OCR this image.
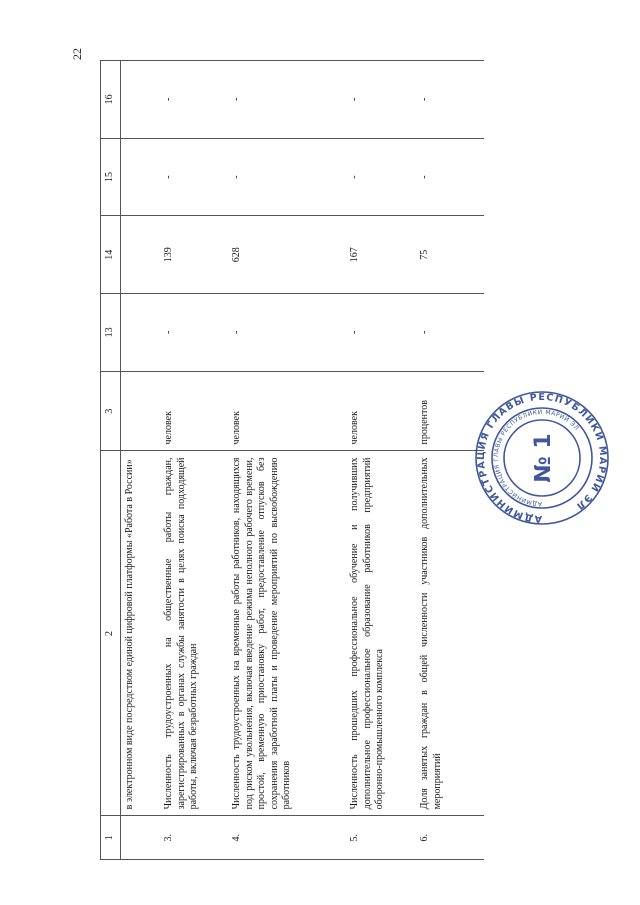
22
1	2	3	13	14	15	16
	в электронном виде посредством единой цифровой платформы «Работа в России»					
3.	Численность трудоустроенных на общественные работы граждан, зарегистрированных в органах службы занятости в целях поиска подходящей работы, включая безработных граждан	человек	-	139	-	-
4.	Численность трудоустроенных на временные работы работников, находящихся под риском увольнения, включая введение режима неполного рабочего времени, простой, временную приостановку работ, предоставление отпусков без сохранения заработной платы и проведение мероприятий по высвобождению работников	человек	-	628	-	-
5.	Численность прошедших профессиональное обучение и получивших дополнительное профессиональное образование работников предприятий оборонно-промышленного комплекса	человек	-	167	-	-
6.	Доля занятых граждан в общей численности участников дополнительных мероприятий	процентов	-	75	-	-
АДМИНИСТРАЦИЯ ГЛАВЫ РЕСПУБЛИКИ МАРИЙ ЭЛ
АДМИНИСТРАЦИЯ ГЛАВЫ РЕСПУБЛИКИ МАРИЙ ЭЛ
№ 1
